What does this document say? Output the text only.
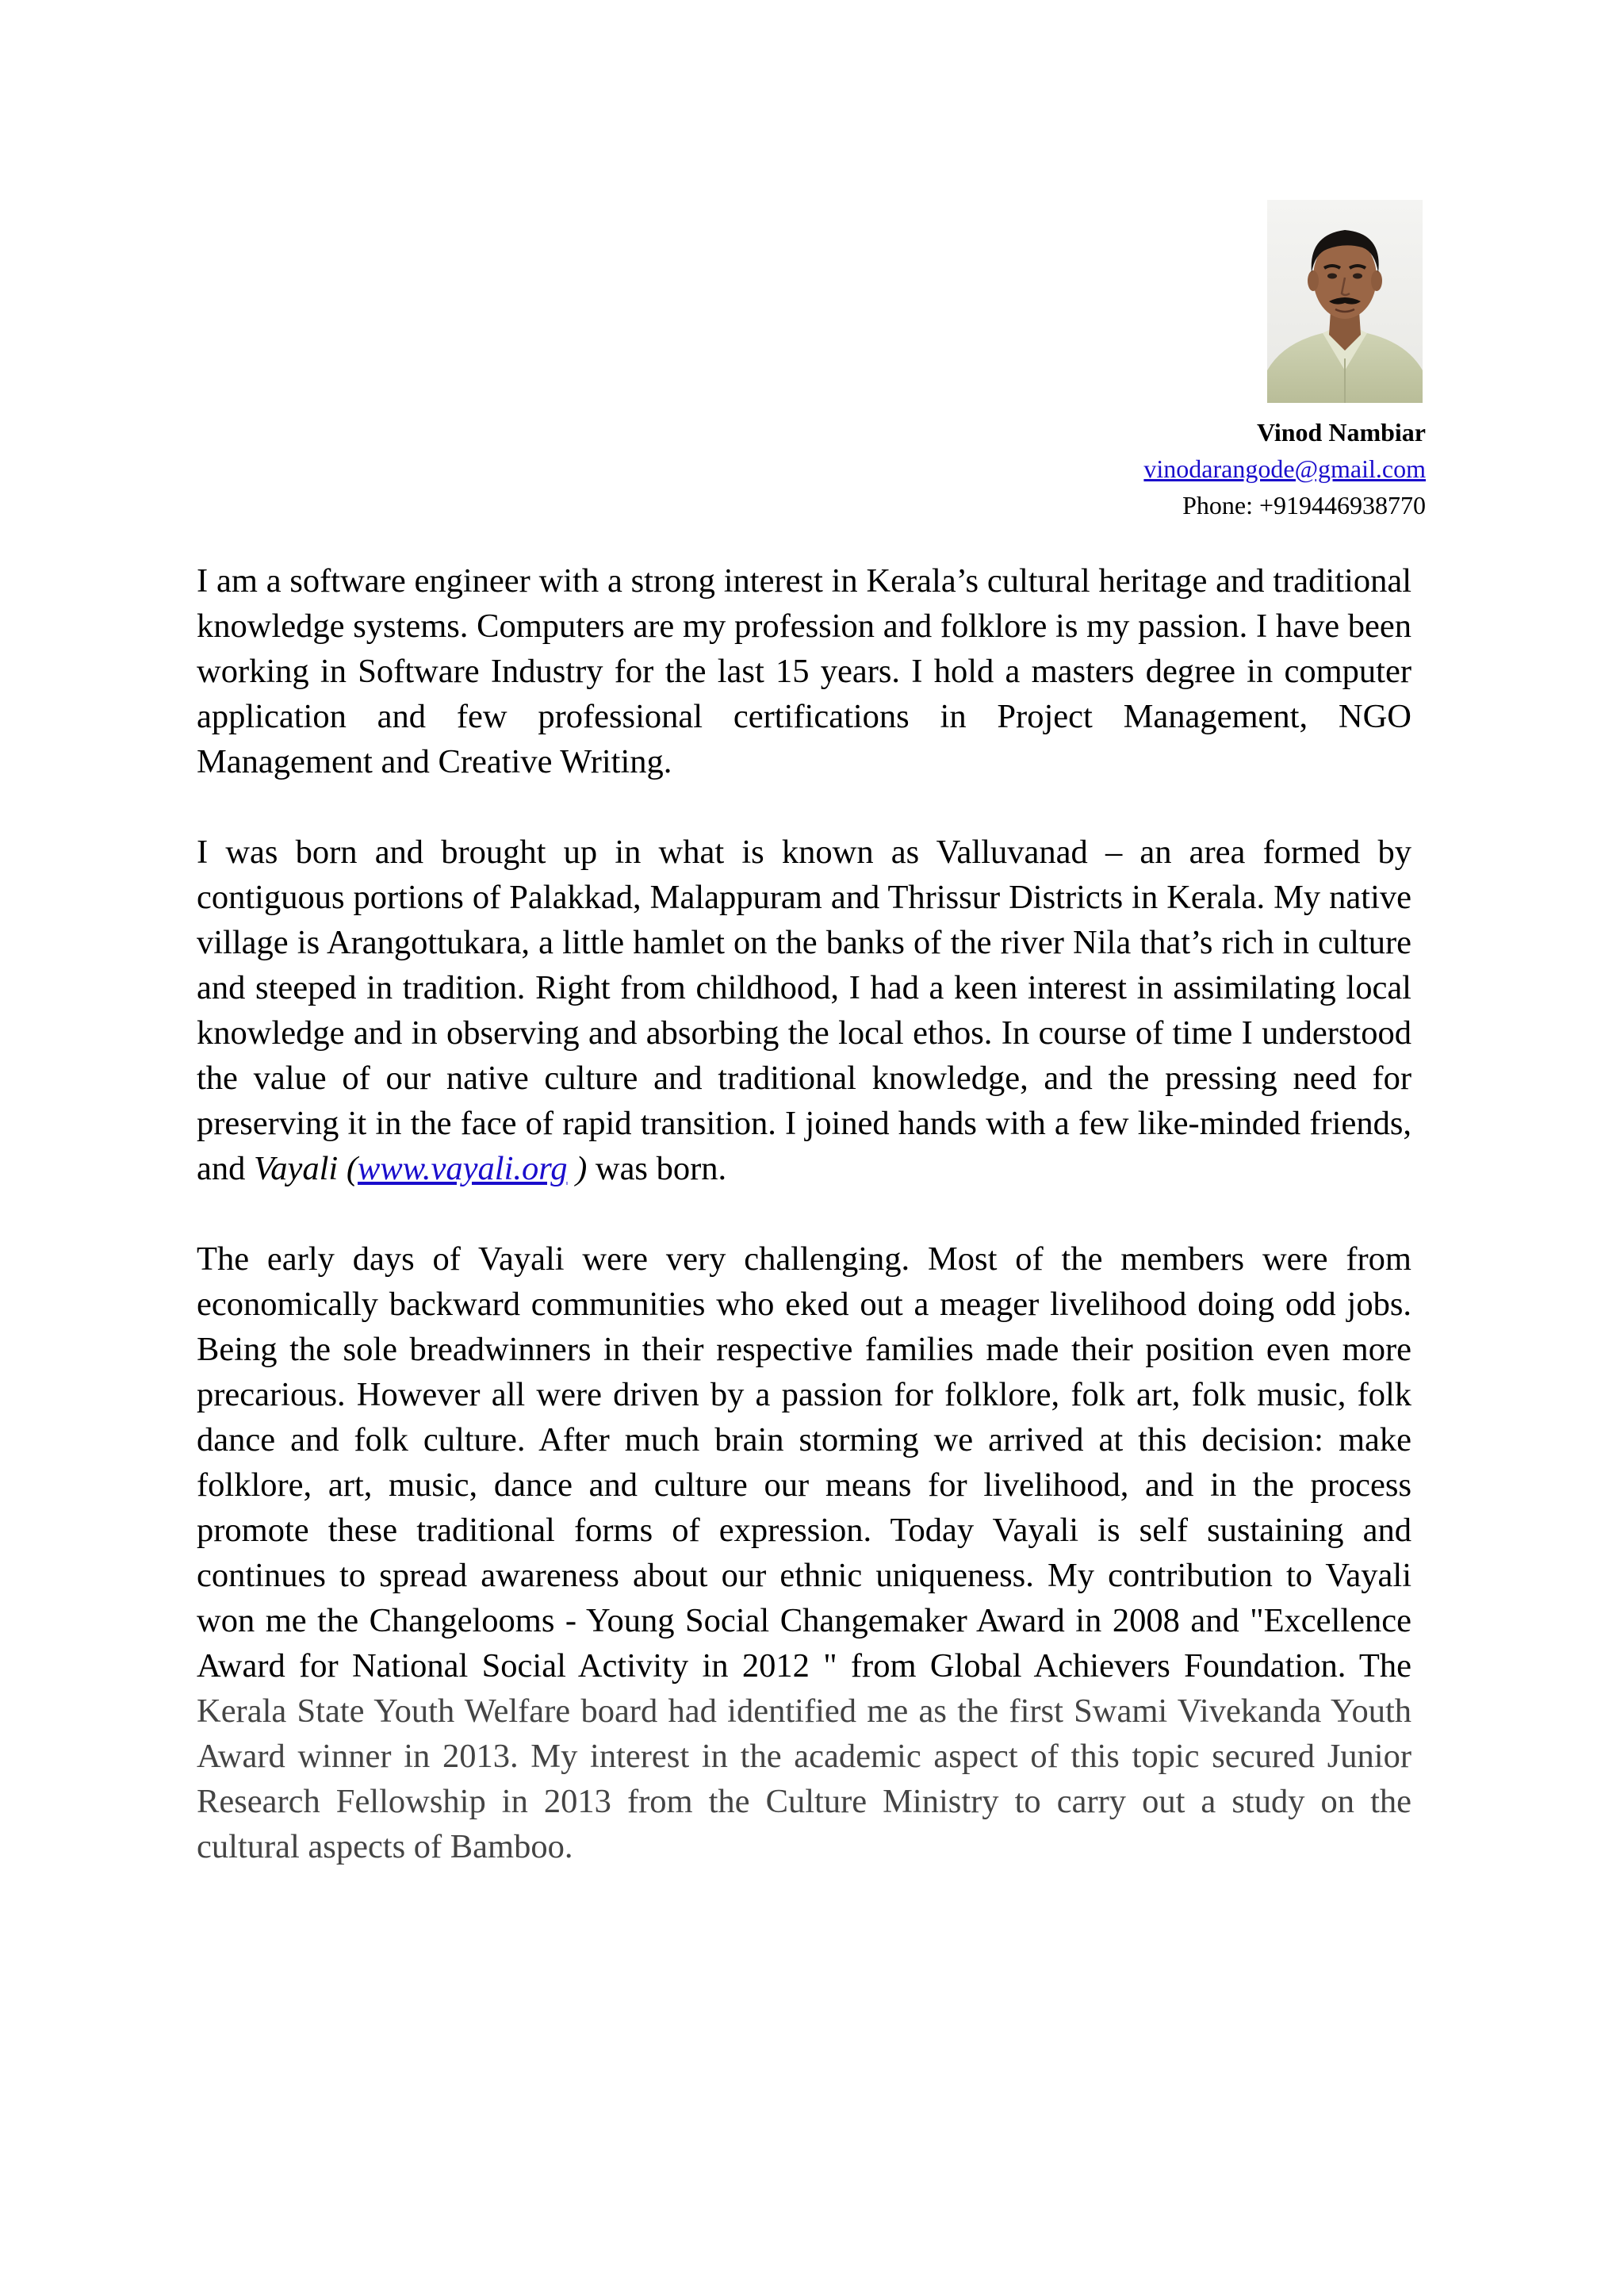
Vinod Nambiar
vinodarangode@gmail.com
Phone: +919446938770

I am a software engineer with a strong interest in Kerala’s cultural heritage and traditional knowledge systems. Computers are my profession and folklore is my passion. I have been working in Software Industry for the last 15 years. I hold a masters degree in computer application and few professional certifications in Project Management, NGO Management and Creative Writing.

I was born and brought up in what is known as Valluvanad – an area formed by contiguous portions of Palakkad, Malappuram and Thrissur Districts in Kerala. My native village is Arangottukara, a little hamlet on the banks of the river Nila that’s rich in culture and steeped in tradition. Right from childhood, I had a keen interest in assimilating local knowledge and in observing and absorbing the local ethos. In course of time I understood the value of our native culture and traditional knowledge, and the pressing need for preserving it in the face of rapid transition. I joined hands with a few like-minded friends, and Vayali (www.vayali.org ) was born.

The early days of Vayali were very challenging. Most of the members were from economically backward communities who eked out a meager livelihood doing odd jobs. Being the sole breadwinners in their respective families made their position even more precarious. However all were driven by a passion for folklore, folk art, folk music, folk dance and folk culture. After much brain storming we arrived at this decision: make folklore, art, music, dance and culture our means for livelihood, and in the process promote these traditional forms of expression. Today Vayali is self sustaining and continues to spread awareness about our ethnic uniqueness. My contribution to Vayali won me the Changelooms - Young Social Changemaker Award in 2008 and "Excellence Award for National Social Activity in 2012 " from Global Achievers Foundation. The Kerala State Youth Welfare board had identified me as the first Swami Vivekanda Youth Award winner in 2013. My interest in the academic aspect of this topic secured Junior Research Fellowship in 2013 from the Culture Ministry to carry out a study on the cultural aspects of Bamboo.
